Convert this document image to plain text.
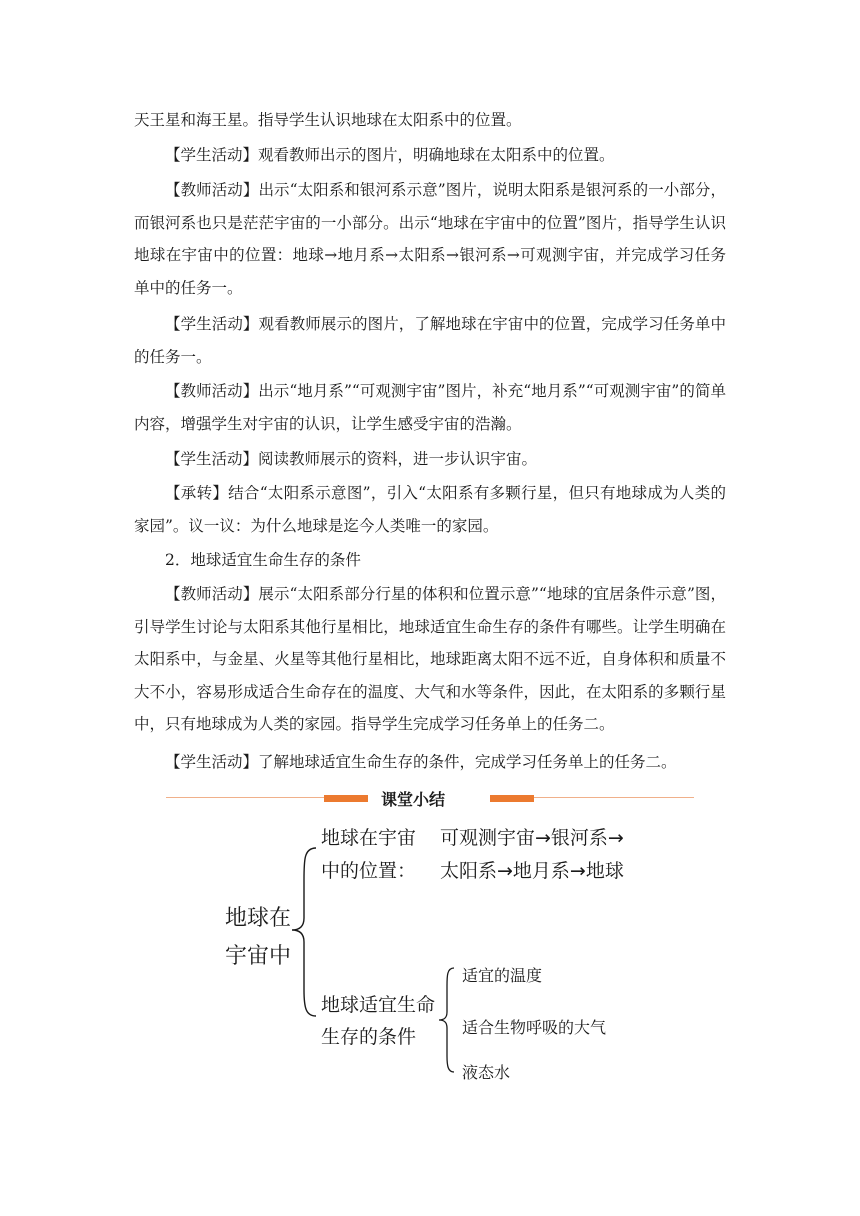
天王星和海王星。指导学生认识地球在太阳系中的位置。

【学生活动】观看教师出示的图片，明确地球在太阳系中的位置。

【教师活动】出示“太阳系和银河系示意”图片，说明太阳系是银河系的一小部分，而银河系也只是茫茫宇宙的一小部分。出示“地球在宇宙中的位置”图片，指导学生认识地球在宇宙中的位置：地球→地月系→太阳系→银河系→可观测宇宙，并完成学习任务单中的任务一。

【学生活动】观看教师展示的图片，了解地球在宇宙中的位置，完成学习任务单中的任务一。

【教师活动】出示“地月系”“可观测宇宙”图片，补充“地月系”“可观测宇宙”的简单内容，增强学生对宇宙的认识，让学生感受宇宙的浩瀚。

【学生活动】阅读教师展示的资料，进一步认识宇宙。

【承转】结合“太阳系示意图”，引入“太阳系有多颗行星，但只有地球成为人类的家园”。议一议：为什么地球是迄今人类唯一的家园。

2．地球适宜生命生存的条件

【教师活动】展示“太阳系部分行星的体积和位置示意”“地球的宜居条件示意”图，引导学生讨论与太阳系其他行星相比，地球适宜生命生存的条件有哪些。让学生明确在太阳系中，与金星、火星等其他行星相比，地球距离太阳不远不近，自身体积和质量不大不小，容易形成适合生命存在的温度、大气和水等条件，因此，在太阳系的多颗行星中，只有地球成为人类的家园。指导学生完成学习任务单上的任务二。

【学生活动】了解地球适宜生命生存的条件，完成学习任务单上的任务二。

课堂小结
地球在
宇宙中
地球在宇宙
中的位置：
可观测宇宙→银河系→
太阳系→地月系→地球
地球适宜生命
生存的条件
适宜的温度
适合生物呼吸的大气
液态水
